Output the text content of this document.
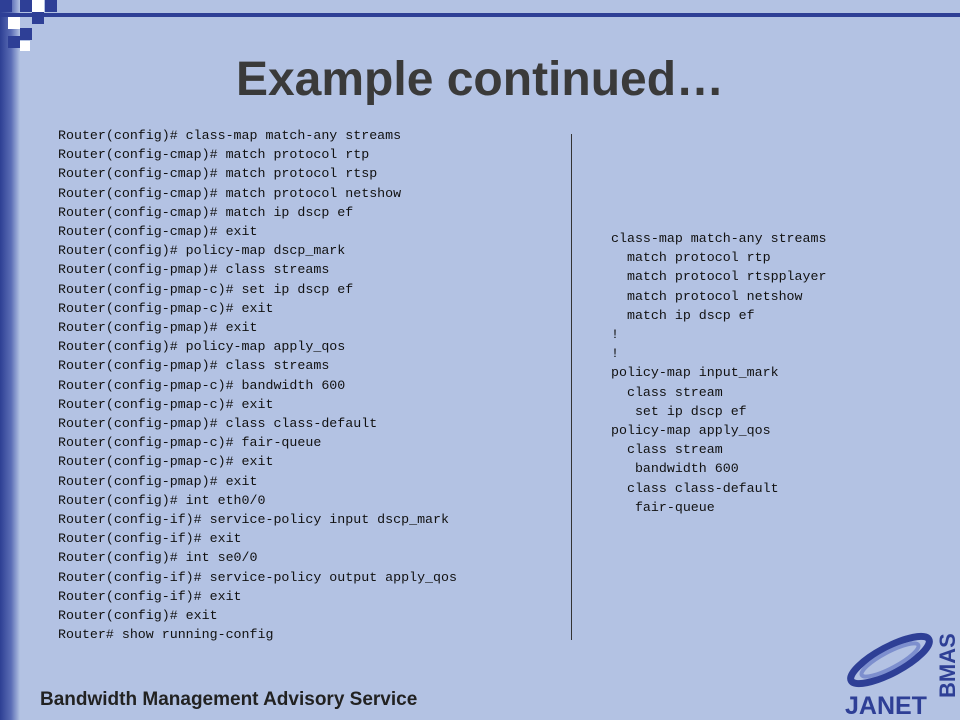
Example continued…
Router(config)# class-map match-any streams
Router(config-cmap)# match protocol rtp
Router(config-cmap)# match protocol rtsp
Router(config-cmap)# match protocol netshow
Router(config-cmap)# match ip dscp ef
Router(config-cmap)# exit
Router(config)# policy-map dscp_mark
Router(config-pmap)# class streams
Router(config-pmap-c)# set ip dscp ef
Router(config-pmap-c)# exit
Router(config-pmap)# exit
Router(config)# policy-map apply_qos
Router(config-pmap)# class streams
Router(config-pmap-c)# bandwidth 600
Router(config-pmap-c)# exit
Router(config-pmap)# class class-default
Router(config-pmap-c)# fair-queue
Router(config-pmap-c)# exit
Router(config-pmap)# exit
Router(config)# int eth0/0
Router(config-if)# service-policy input dscp_mark
Router(config-if)# exit
Router(config)# int se0/0
Router(config-if)# service-policy output apply_qos
Router(config-if)# exit
Router(config)# exit
Router# show running-config
class-map match-any streams
match protocol rtp
match protocol rtspplayer
match protocol netshow
match ip dscp ef
!
!
policy-map input_mark
class stream
set ip dscp ef
policy-map apply_qos
class stream
bandwidth 600
class class-default
fair-queue
Bandwidth Management Advisory Service
BMAS
JANET
